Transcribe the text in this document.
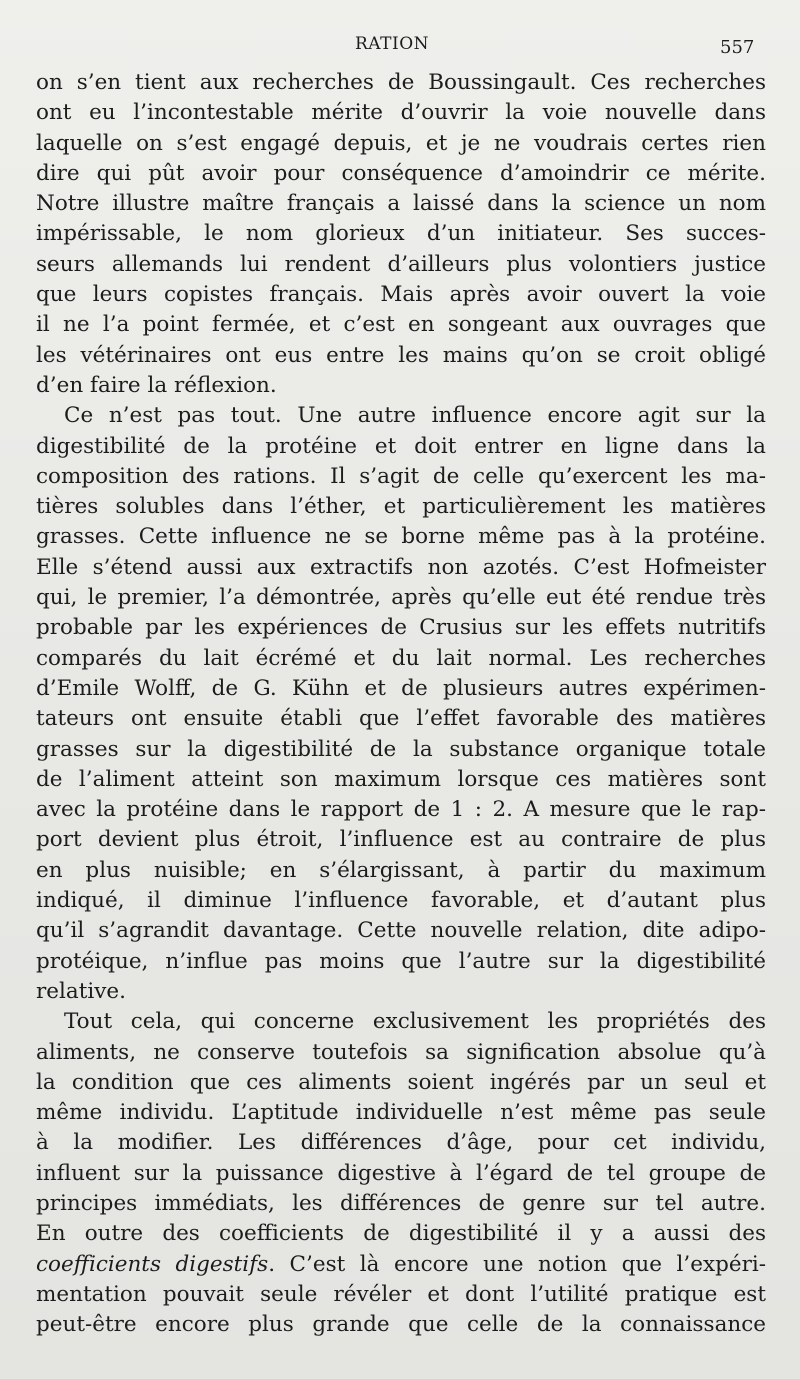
RATION	557
on s’en tient aux recherches de Boussingault. Ces recherches
ont eu l’incontestable mérite d’ouvrir la voie nouvelle dans
laquelle on s’est engagé depuis, et je ne voudrais certes rien
dire qui pût avoir pour conséquence d’amoindrir ce mérite.
Notre illustre maître français a laissé dans la science un nom
impérissable, le nom glorieux d’un initiateur. Ses succes-
seurs allemands lui rendent d’ailleurs plus volontiers justice
que leurs copistes français. Mais après avoir ouvert la voie
il ne l’a point fermée, et c’est en songeant aux ouvrages que
les vétérinaires ont eus entre les mains qu’on se croit obligé
d’en faire la réflexion.
Ce n’est pas tout. Une autre influence encore agit sur la
digestibilité de la protéine et doit entrer en ligne dans la
composition des rations. Il s’agit de celle qu’exercent les ma-
tières solubles dans l’éther, et particulièrement les matières
grasses. Cette influence ne se borne même pas à la protéine.
Elle s’étend aussi aux extractifs non azotés. C’est Hofmeister
qui, le premier, l’a démontrée, après qu’elle eut été rendue très
probable par les expériences de Crusius sur les effets nutritifs
comparés du lait écrémé et du lait normal. Les recherches
d’Emile Wolff, de G. Kühn et de plusieurs autres expérimen-
tateurs ont ensuite établi que l’effet favorable des matières
grasses sur la digestibilité de la substance organique totale
de l’aliment atteint son maximum lorsque ces matières sont
avec la protéine dans le rapport de 1 : 2. A mesure que le rap-
port devient plus étroit, l’influence est au contraire de plus
en plus nuisible; en s’élargissant, à partir du maximum
indiqué, il diminue l’influence favorable, et d’autant plus
qu’il s’agrandit davantage. Cette nouvelle relation, dite adipo-
protéique, n’influe pas moins que l’autre sur la digestibilité
relative.
Tout cela, qui concerne exclusivement les propriétés des
aliments, ne conserve toutefois sa signification absolue qu’à
la condition que ces aliments soient ingérés par un seul et
même individu. L’aptitude individuelle n’est même pas seule
à la modifier. Les différences d’âge, pour cet individu,
influent sur la puissance digestive à l’égard de tel groupe de
principes immédiats, les différences de genre sur tel autre.
En outre des coefficients de digestibilité il y a aussi des
coefficients digestifs. C’est là encore une notion que l’expéri-
mentation pouvait seule révéler et dont l’utilité pratique est
peut-être encore plus grande que celle de la connaissance
